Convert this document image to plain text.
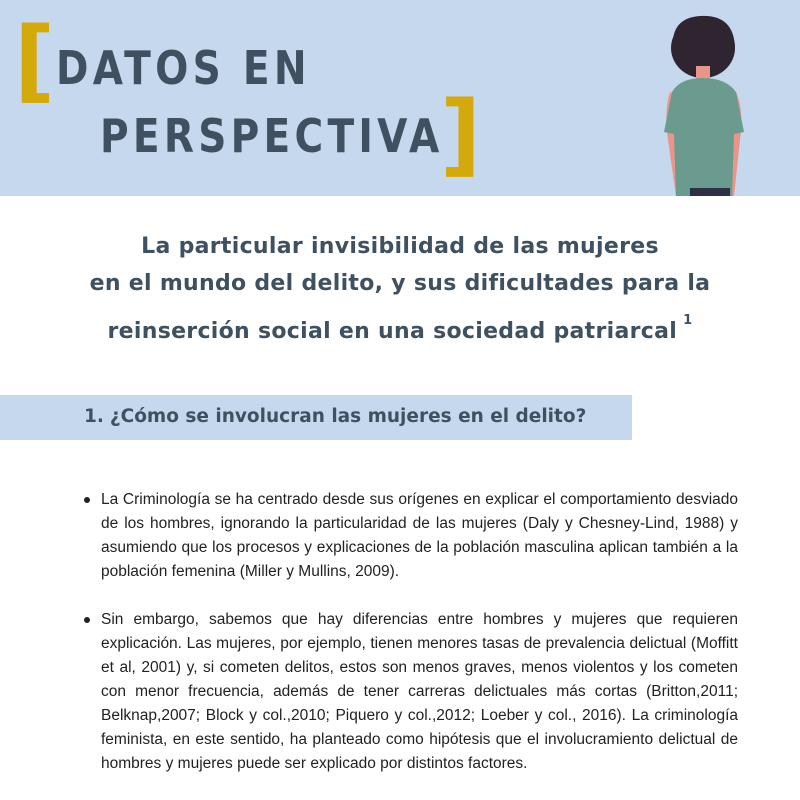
[ DATOS EN
PERSPECTIVA
]
La particular invisibilidad de las mujeres
en el mundo del delito, y sus dificultades para la
reinserción social en una sociedad patriarcal $^1$
1. ¿Cómo se involucran las mujeres en el delito?
La Criminología se ha centrado desde sus orígenes en explicar el comportamiento desviado de los hombres, ignorando la particularidad de las mujeres (Daly y Chesney-Lind, 1988) y asumiendo que los procesos y explicaciones de la población masculina aplican también a la población femenina (Miller y Mullins, 2009).
Sin embargo, sabemos que hay diferencias entre hombres y mujeres que requieren explicación. Las mujeres, por ejemplo, tienen menores tasas de prevalencia delictual (Moffitt et al, 2001) y, si cometen delitos, estos son menos graves, menos violentos y los cometen con menor frecuencia, además de tener carreras delictuales más cortas (Britton,2011; Belknap,2007; Block y col.,2010; Piquero y col.,2012; Loeber y col., 2016). La criminología feminista, en este sentido, ha planteado como hipótesis que el involucramiento delictual de hombres y mujeres puede ser explicado por distintos factores.
